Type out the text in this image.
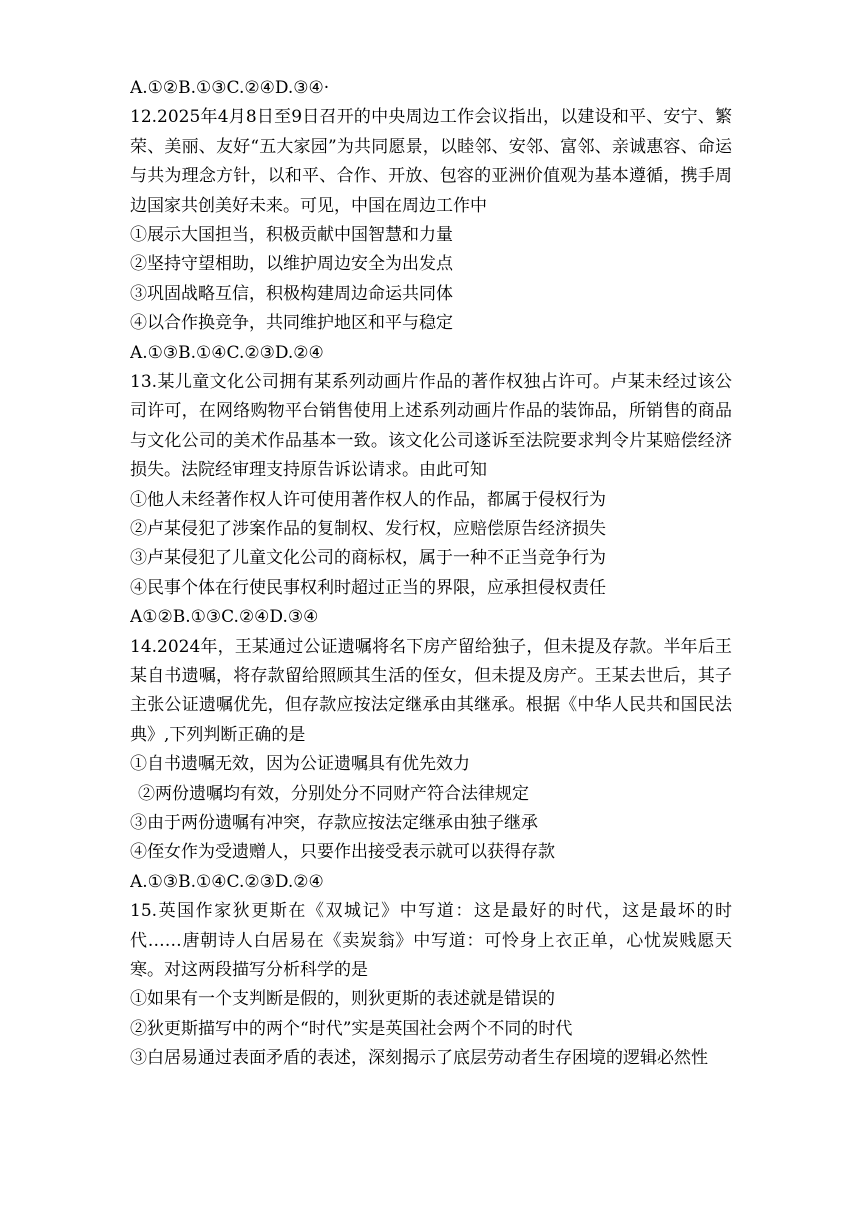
A.①②B.①③C.②④D.③④·
12.2025年4月8日至9日召开的中央周边工作会议指出，以建设和平、安宁、繁荣、美丽、友好“五大家园”为共同愿景，以睦邻、安邻、富邻、亲诚惠容、命运与共为理念方针，以和平、合作、开放、包容的亚洲价值观为基本遵循，携手周边国家共创美好未来。可见，中国在周边工作中
①展示大国担当，积极贡献中国智慧和力量
②坚持守望相助，以维护周边安全为出发点
③巩固战略互信，积极构建周边命运共同体
④以合作换竞争，共同维护地区和平与稳定
A.①③B.①④C.②③D.②④
13.某儿童文化公司拥有某系列动画片作品的著作权独占许可。卢某未经过该公司许可，在网络购物平台销售使用上述系列动画片作品的装饰品，所销售的商品与文化公司的美术作品基本一致。该文化公司遂诉至法院要求判令片某赔偿经济损失。法院经审理支持原告诉讼请求。由此可知
①他人未经著作权人许可使用著作权人的作品，都属于侵权行为
②卢某侵犯了涉案作品的复制权、发行权，应赔偿原告经济损失
③卢某侵犯了儿童文化公司的商标权，属于一种不正当竞争行为
④民事个体在行使民事权利时超过正当的界限，应承担侵权责任
A①②B.①③C.②④D.③④
14.2024年，王某通过公证遗嘱将名下房产留给独子，但未提及存款。半年后王某自书遗嘱，将存款留给照顾其生活的侄女，但未提及房产。王某去世后，其子主张公证遗嘱优先，但存款应按法定继承由其继承。根据《中华人民共和国民法典》,下列判断正确的是
①自书遗嘱无效，因为公证遗嘱具有优先效力
②两份遗嘱均有效，分别处分不同财产符合法律规定
③由于两份遗嘱有冲突，存款应按法定继承由独子继承
④侄女作为受遗赠人，只要作出接受表示就可以获得存款
A.①③B.①④C.②③D.②④
15.英国作家狄更斯在《双城记》中写道：这是最好的时代，这是最坏的时代……唐朝诗人白居易在《卖炭翁》中写道：可怜身上衣正单，心忧炭贱愿天寒。对这两段描写分析科学的是
①如果有一个支判断是假的，则狄更斯的表述就是错误的
②狄更斯描写中的两个“时代”实是英国社会两个不同的时代
③白居易通过表面矛盾的表述，深刻揭示了底层劳动者生存困境的逻辑必然性
